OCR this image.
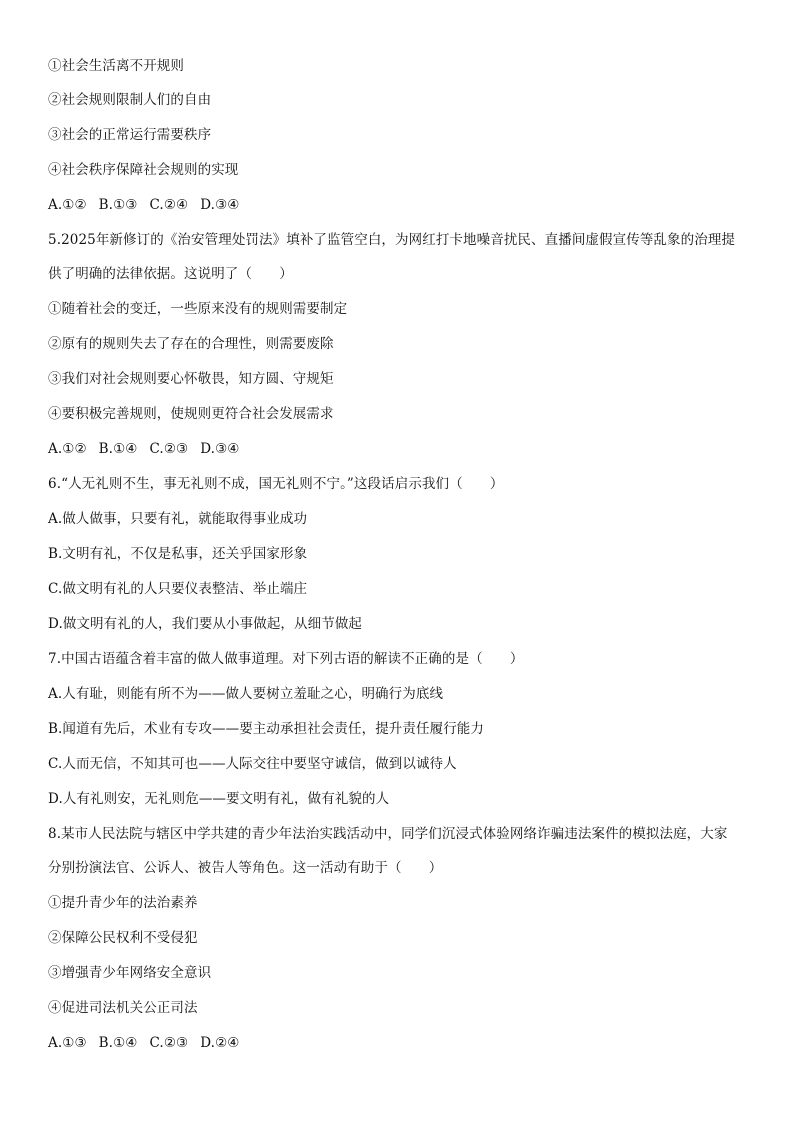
①社会生活离不开规则
②社会规则限制人们的自由
③社会的正常运行需要秩序
④社会秩序保障社会规则的实现
A.①② B.①③ C.②④ D.③④
5.2025年新修订的《治安管理处罚法》填补了监管空白，为网红打卡地噪音扰民、直播间虚假宣传等乱象的治理提
供了明确的法律依据。这说明了（　　）
①随着社会的变迁，一些原来没有的规则需要制定
②原有的规则失去了存在的合理性，则需要废除
③我们对社会规则要心怀敬畏，知方圆、守规矩
④要积极完善规则，使规则更符合社会发展需求
A.①② B.①④ C.②③ D.③④
6.“人无礼则不生，事无礼则不成，国无礼则不宁。”这段话启示我们（　　）
A.做人做事，只要有礼，就能取得事业成功
B.文明有礼，不仅是私事，还关乎国家形象
C.做文明有礼的人只要仪表整洁、举止端庄
D.做文明有礼的人，我们要从小事做起，从细节做起
7.中国古语蕴含着丰富的做人做事道理。对下列古语的解读不正确的是（　　）
A.人有耻，则能有所不为——做人要树立羞耻之心，明确行为底线
B.闻道有先后，术业有专攻——要主动承担社会责任，提升责任履行能力
C.人而无信，不知其可也——人际交往中要坚守诚信，做到以诚待人
D.人有礼则安，无礼则危——要文明有礼，做有礼貌的人
8.某市人民法院与辖区中学共建的青少年法治实践活动中，同学们沉浸式体验网络诈骗违法案件的模拟法庭，大家
分别扮演法官、公诉人、被告人等角色。这一活动有助于（　　）
①提升青少年的法治素养
②保障公民权利不受侵犯
③增强青少年网络安全意识
④促进司法机关公正司法
A.①③ B.①④ C.②③ D.②④
